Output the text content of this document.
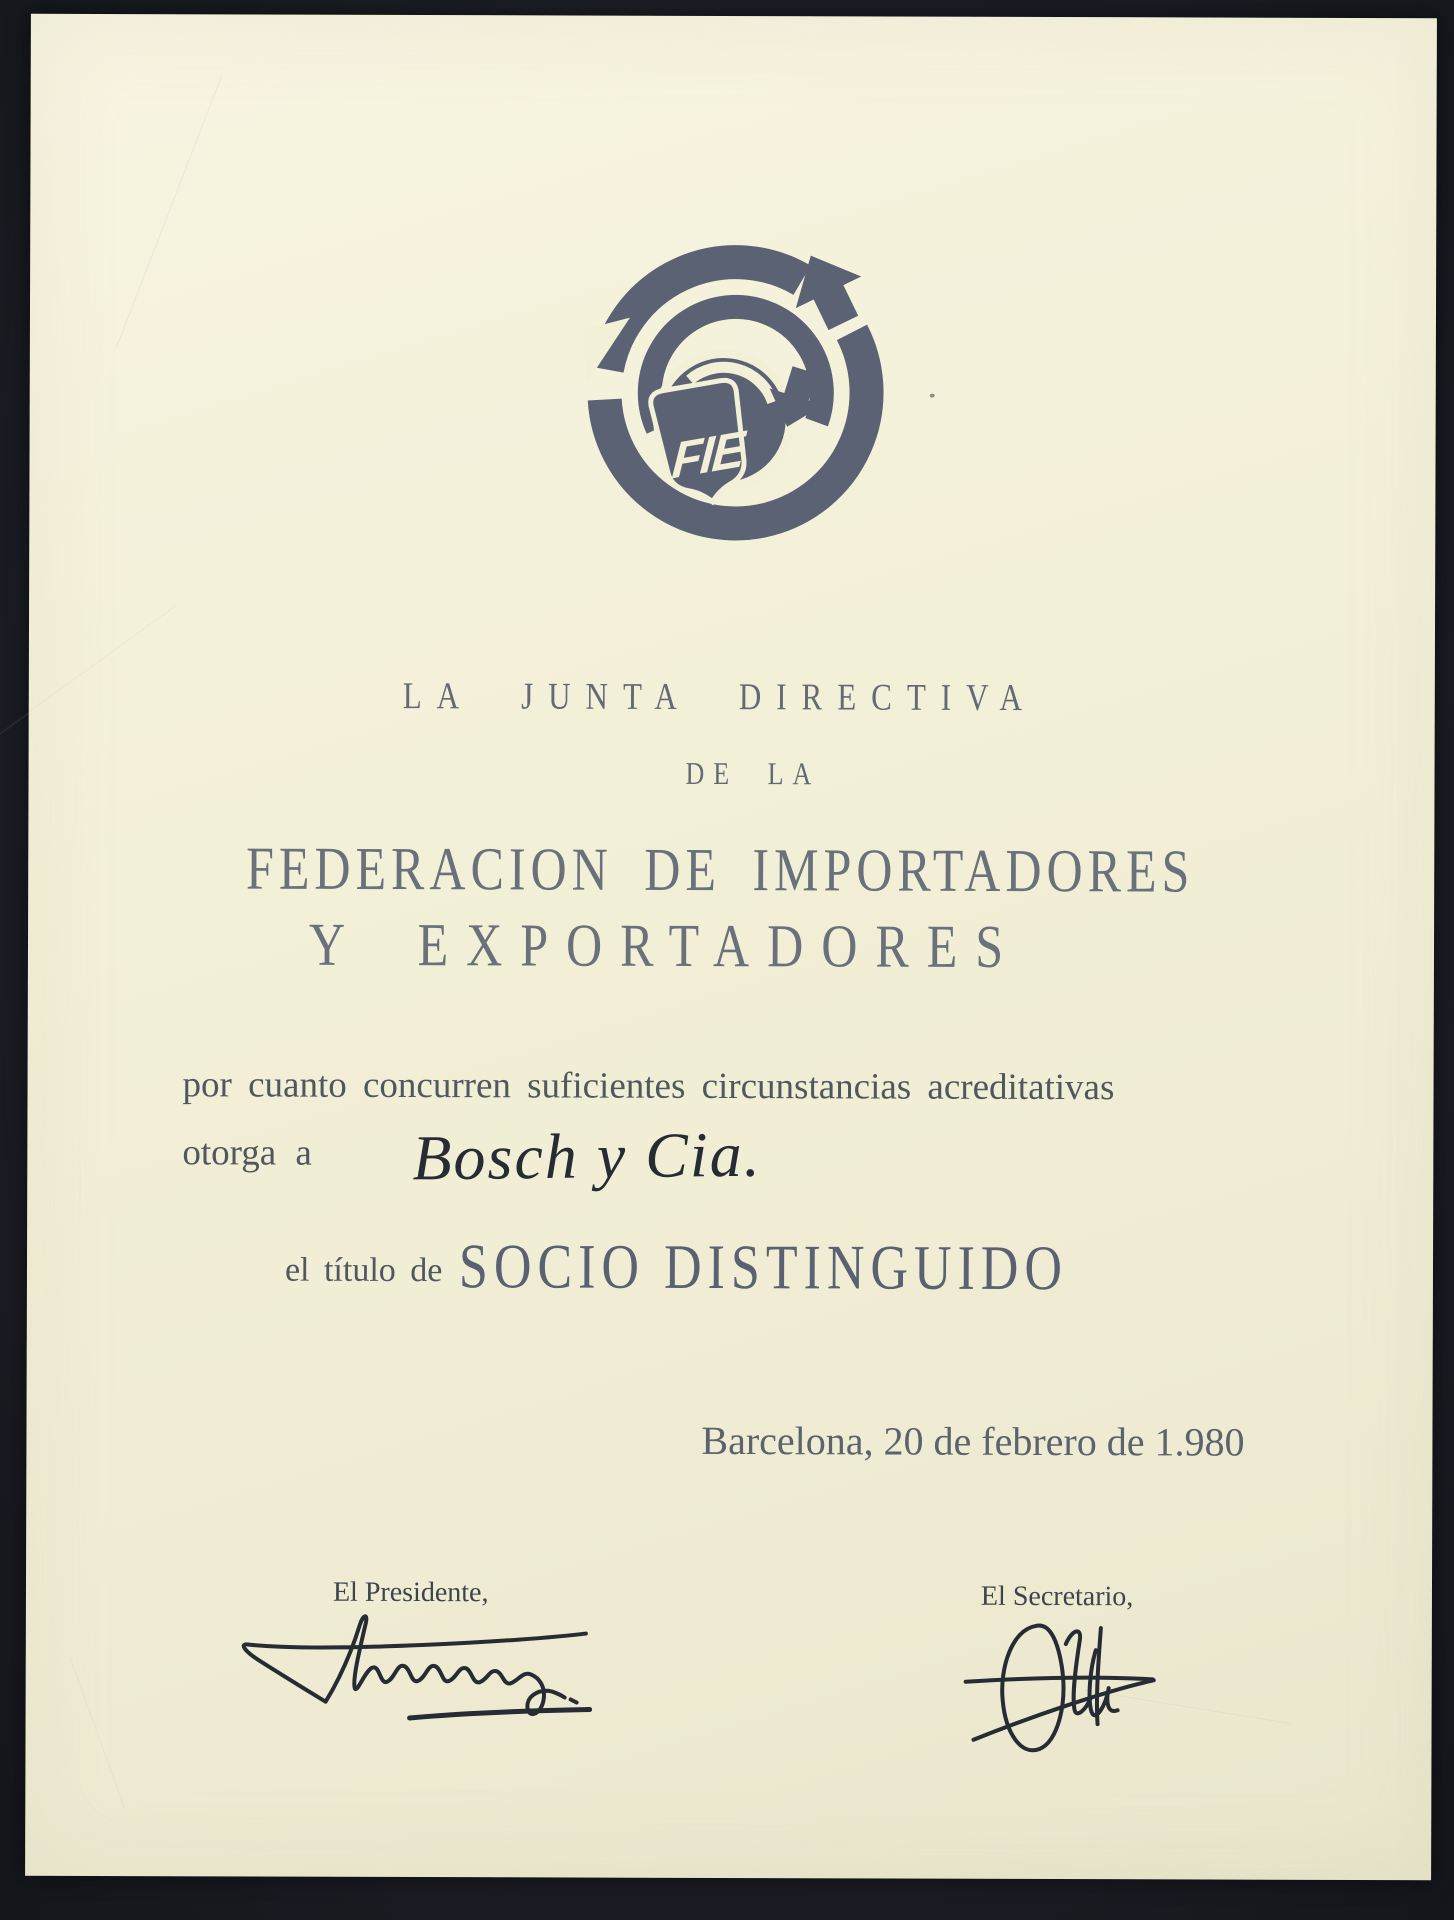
FIE
LA JUNTA DIRECTIVA
DE LA
FEDERACION DE IMPORTADORES
Y EXPORTADORES
por cuanto concurren suficientes circunstancias acreditativas
otorga a Bosch y Cia.
el título de SOCIO DISTINGUIDO
Barcelona, 20 de febrero de 1.980
El Presidente,	El Secretario,
